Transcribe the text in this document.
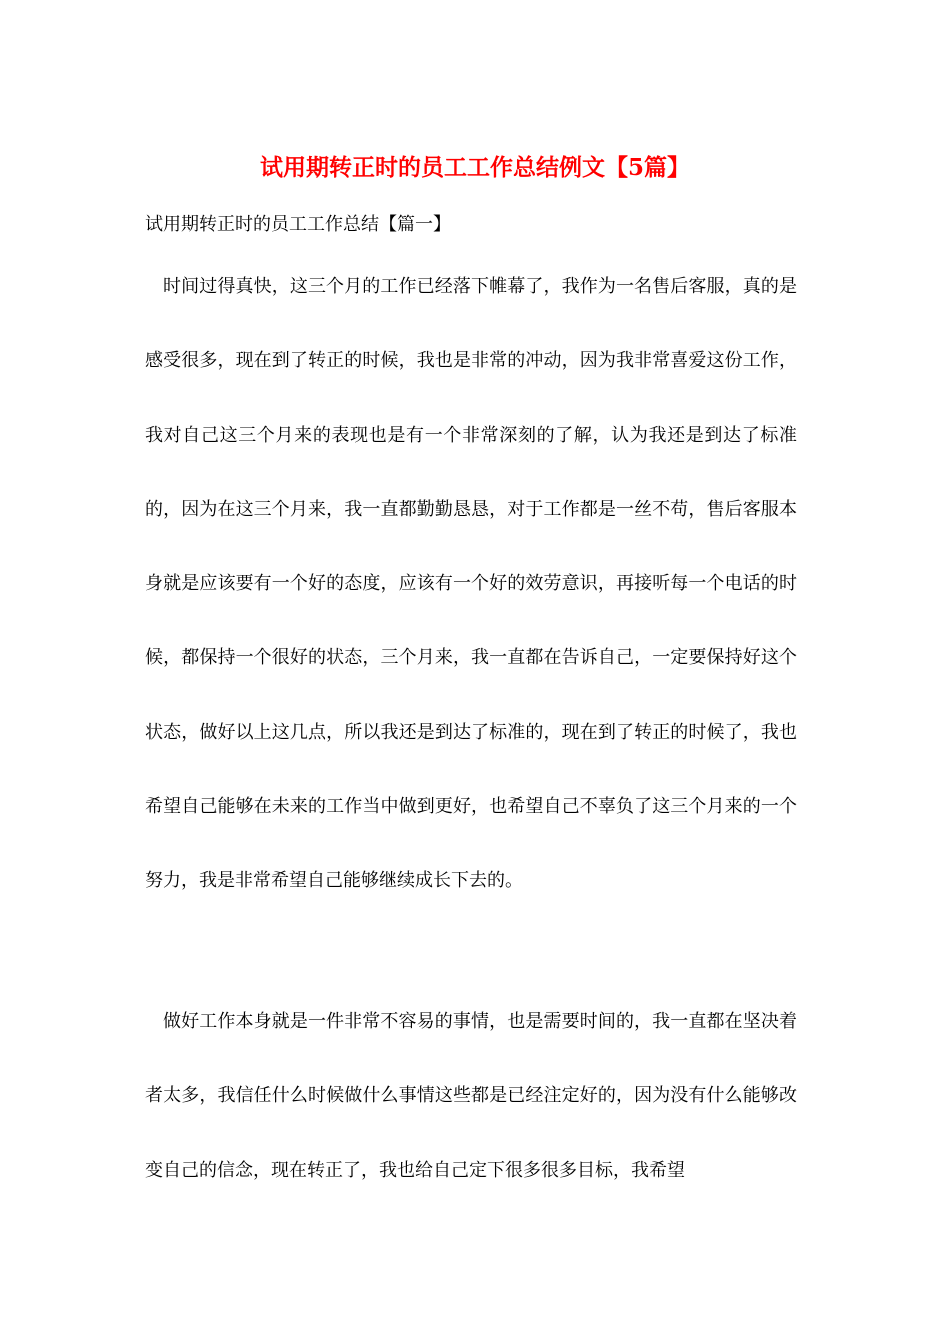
试用期转正时的员工工作总结例文【5篇】

试用期转正时的员工工作总结【篇一】

时间过得真快，这三个月的工作已经落下帷幕了，我作为一名售后客服，真的是感受很多，现在到了转正的时候，我也是非常的冲动，因为我非常喜爱这份工作，我对自己这三个月来的表现也是有一个非常深刻的了解，认为我还是到达了标准的，因为在这三个月来，我一直都勤勤恳恳，对于工作都是一丝不苟，售后客服本身就是应该要有一个好的态度，应该有一个好的效劳意识，再接听每一个电话的时候，都保持一个很好的状态，三个月来，我一直都在告诉自己，一定要保持好这个状态，做好以上这几点，所以我还是到达了标准的，现在到了转正的时候了，我也希望自己能够在未来的工作当中做到更好，也希望自己不辜负了这三个月来的一个努力，我是非常希望自己能够继续成长下去的。

做好工作本身就是一件非常不容易的事情，也是需要时间的，我一直都在坚决着者太多，我信任什么时候做什么事情这些都是已经注定好的，因为没有什么能够改变自己的信念，现在转正了，我也给自己定下很多很多目标，我希望
